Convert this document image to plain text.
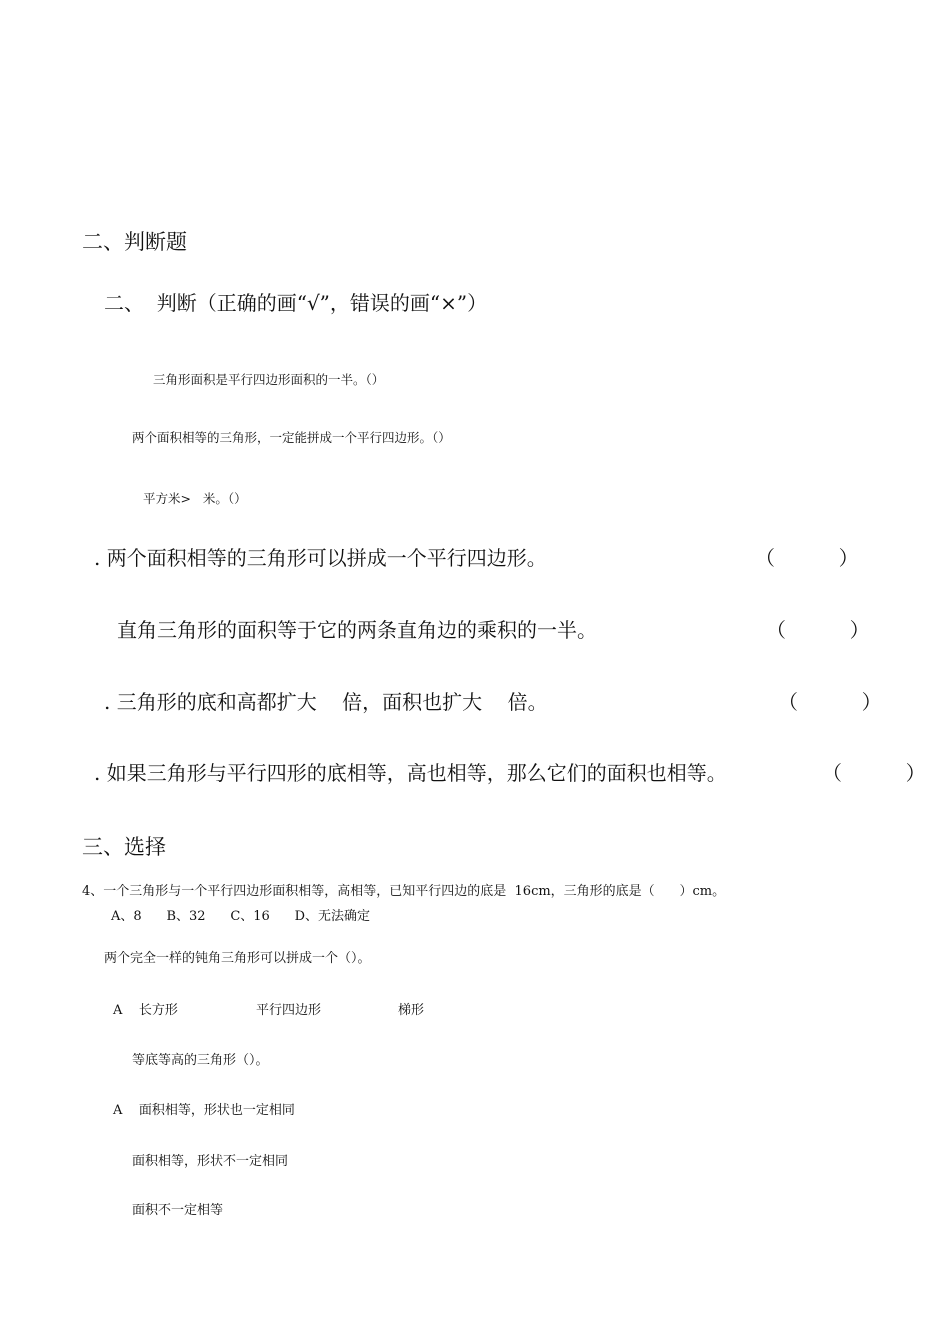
二、判断题
二、  判断（正确的画“√”，错误的画“×”）
三角形面积是平行四边形面积的一半。（）
两个面积相等的三角形，一定能拼成一个平行四边形。（）
平方米>   米。（）
. 两个面积相等的三角形可以拼成一个平行四边形。	（          ）
直角三角形的面积等于它的两条直角边的乘积的一半。	（          ）
. 三角形的底和高都扩大    倍，面积也扩大    倍。	（          ）
. 如果三角形与平行四形的底相等，高也相等，那么它们的面积也相等。	（          ）
三、选择
4、一个三角形与一个平行四边形面积相等，高相等，已知平行四边的底是  16cm，三角形的底是（      ）cm。
A、8      B、32      C、16      D、无法确定
两个完全一样的钝角三角形可以拼成一个（）。
A    长方形	平行四边形	梯形
等底等高的三角形（）。
A    面积相等，形状也一定相同
面积相等，形状不一定相同
面积不一定相等
